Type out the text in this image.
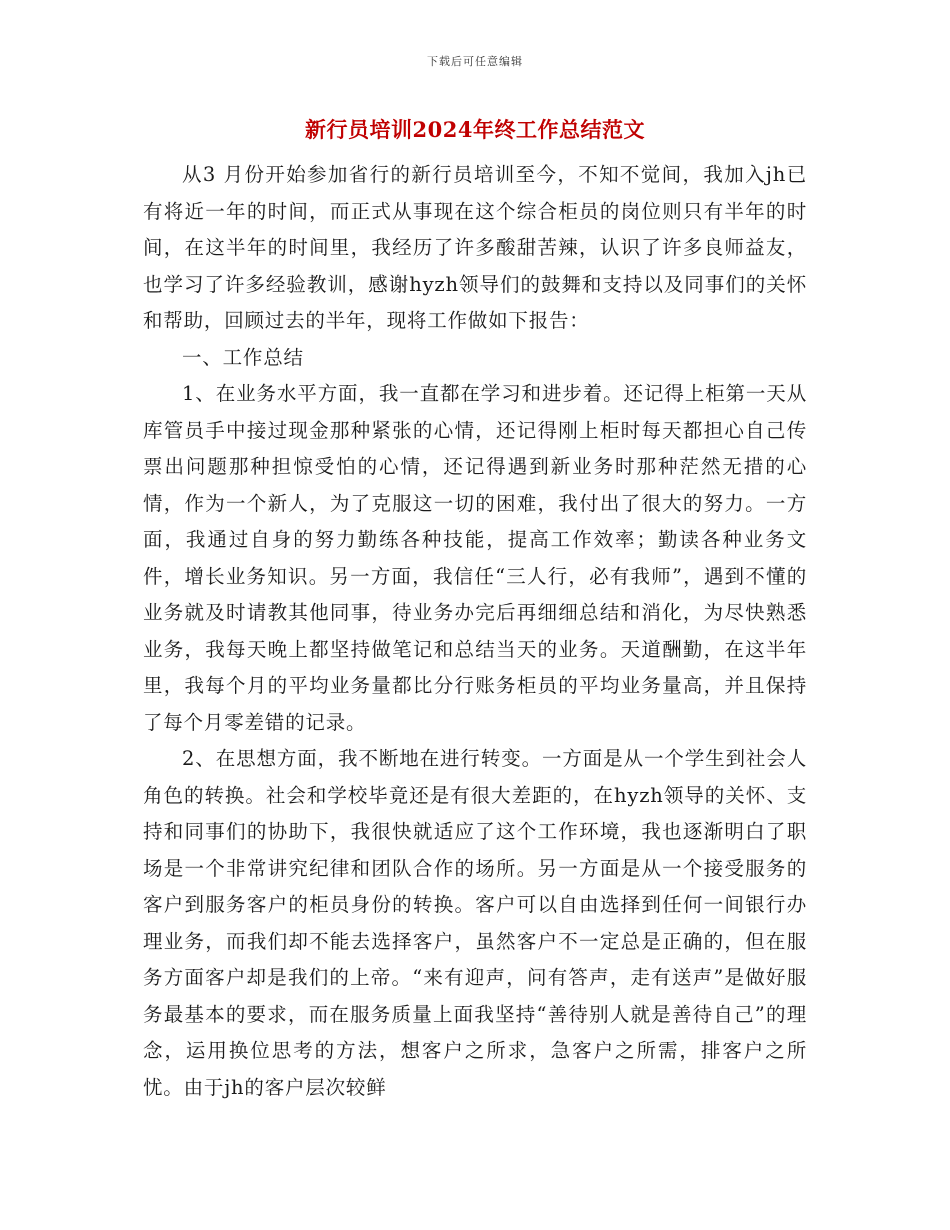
下载后可任意编辑
新行员培训2024年终工作总结范文

从3 月份开始参加省行的新行员培训至今，不知不觉间，我加入jh已有将近一年的时间，而正式从事现在这个综合柜员的岗位则只有半年的时间，在这半年的时间里，我经历了许多酸甜苦辣，认识了许多良师益友，也学习了许多经验教训，感谢hyzh领导们的鼓舞和支持以及同事们的关怀和帮助，回顾过去的半年，现将工作做如下报告：

一、工作总结

1、在业务水平方面，我一直都在学习和进步着。还记得上柜第一天从库管员手中接过现金那种紧张的心情，还记得刚上柜时每天都担心自己传票出问题那种担惊受怕的心情，还记得遇到新业务时那种茫然无措的心情，作为一个新人，为了克服这一切的困难，我付出了很大的努力。一方面，我通过自身的努力勤练各种技能，提高工作效率；勤读各种业务文件，增长业务知识。另一方面，我信任“三人行，必有我师”，遇到不懂的业务就及时请教其他同事，待业务办完后再细细总结和消化，为尽快熟悉业务，我每天晚上都坚持做笔记和总结当天的业务。天道酬勤，在这半年里，我每个月的平均业务量都比分行账务柜员的平均业务量高，并且保持了每个月零差错的记录。

2、在思想方面，我不断地在进行转变。一方面是从一个学生到社会人角色的转换。社会和学校毕竟还是有很大差距的，在hyzh领导的关怀、支持和同事们的协助下，我很快就适应了这个工作环境，我也逐渐明白了职场是一个非常讲究纪律和团队合作的场所。另一方面是从一个接受服务的客户到服务客户的柜员身份的转换。客户可以自由选择到任何一间银行办理业务，而我们却不能去选择客户，虽然客户不一定总是正确的，但在服务方面客户却是我们的上帝。“来有迎声，问有答声，走有送声”是做好服务最基本的要求，而在服务质量上面我坚持“善待别人就是善待自己”的理念，运用换位思考的方法，想客户之所求，急客户之所需，排客户之所忧。由于jh的客户层次较鲜
